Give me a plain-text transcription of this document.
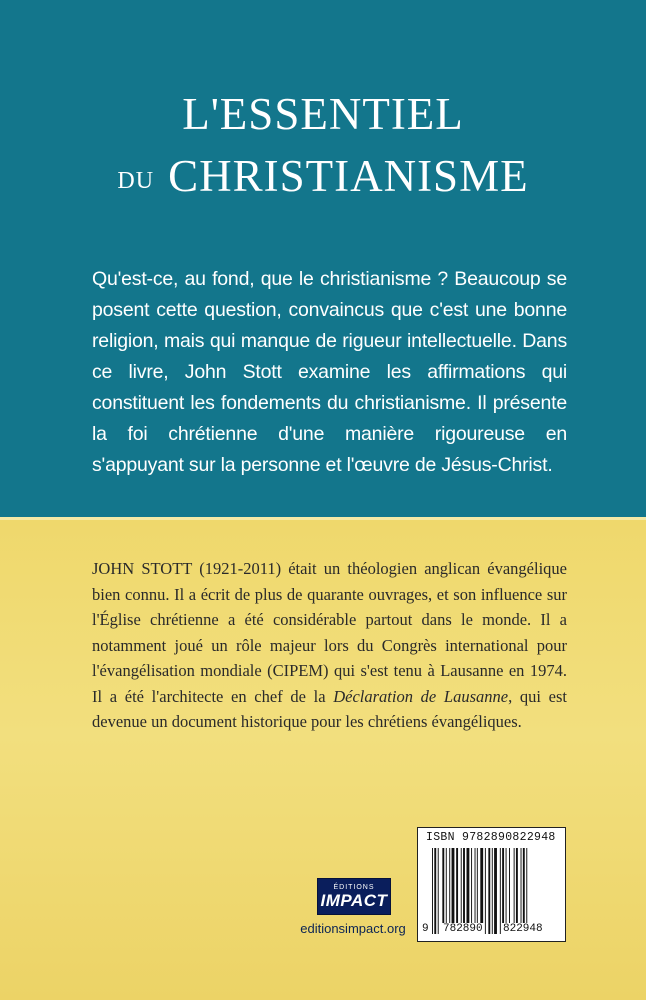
L'ESSENTIEL
DU CHRISTIANISME
Qu'est-ce, au fond, que le christianisme ? Beaucoup se posent cette question, convaincus que c'est une bonne religion, mais qui manque de rigueur intellectuelle. Dans ce livre, John Stott examine les affirmations qui constituent les fondements du christianisme. Il présente la foi chrétienne d'une manière rigoureuse en s'appuyant sur la personne et l'œuvre de Jésus-Christ.
JOHN STOTT (1921-2011) était un théologien anglican évangélique bien connu. Il a écrit de plus de quarante ouvrages, et son influence sur l'Église chrétienne a été considérable partout dans le monde. Il a notamment joué un rôle majeur lors du Congrès international pour l'évangélisation mondiale (CIPEM) qui s'est tenu à Lausanne en 1974. Il a été l'architecte en chef de la Déclaration de Lausanne, qui est devenue un document historique pour les chrétiens évangéliques.
ÉDITIONS
IMPACT
editionsimpact.org
ISBN 9782890822948
9 782890 822948
